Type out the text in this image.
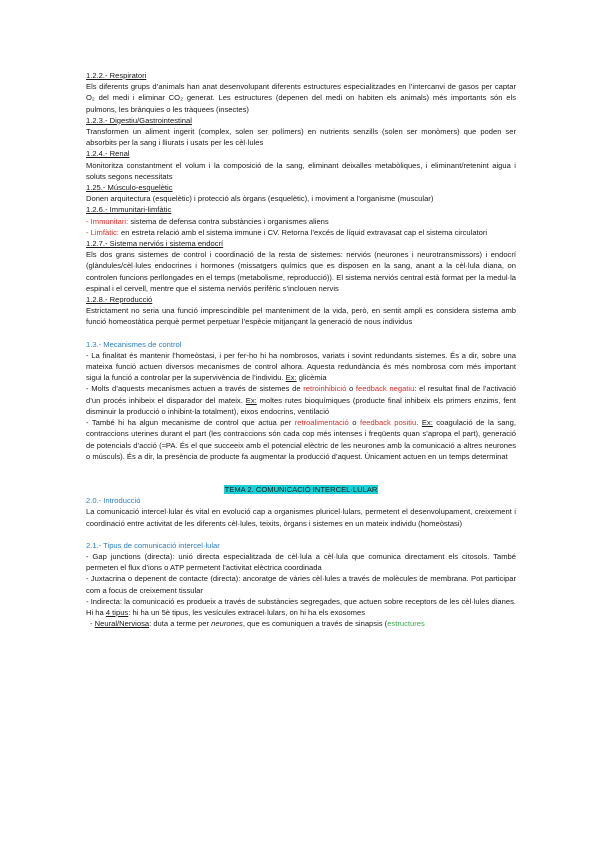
1.2.2.- Respiratori
Els diferents grups d’animals han anat desenvolupant diferents estructures especialitzades en l’intercanvi de gasos per captar O₂ del medi i eliminar CO₂ generat. Les estructures (depenen del medi on habiten els animals) més importants són els pulmons, les brànquies o les tràquees (insectes)
1.2.3.- Digestiu/Gastrointestinal
Transformen un aliment ingerit (complex, solen ser polímers) en nutrients senzills (solen ser monòmers) que poden ser absorbits per la sang i lliurats i usats per les cèl·lules
1.2.4.- Renal
Monitoritza constantment el volum i la composició de la sang, eliminant deixalles metabòliques, i eliminant/retenint aigua i soluts segons necessitats
1.25.- Músculo-esquelètic
Donen arquitectura (esquelètic) i protecció als òrgans (esquelètic), i moviment a l’organisme (muscular)
1.2.6.- Immunitari-limfàtic
- Immunitari: sistema de defensa contra substàncies i organismes aliens
- Limfàtic: en estreta relació amb el sistema immune i CV. Retorna l’excés de líquid extravasat cap el sistema circulatori
1.2.7.- Sistema nerviós i sistema endocrí
Els dos grans sistemes de control i coordinació de la resta de sistemes: nerviós (neurones i neurotransmissors) i endocrí (glàndules/cèl·lules endocrines i hormones (missatgers químics que es disposen en la sang, anant a la cèl·lula diana, on controlen funcions perllongades en el temps (metabolisme, reproducció)). El sistema nerviós central està format per la medul·la espinal i el cervell, mentre que el sistema nerviós perifèric s’inclouen nervis
1.2.8.- Reproducció
Estrictament no seria una funció imprescindible pel manteniment de la vida, però, en sentit ampli es considera sistema amb funció homeostàtica perquè permet perpetuar l’espècie mitjançant la generació de nous individus
1.3.- Mecanismes de control
- La finalitat és mantenir l’homeòstasi, i per fer-ho hi ha nombrosos, variats i sovint redundants sistemes. És a dir, sobre una mateixa funció actuen diversos mecanismes de control alhora. Aquesta redundància és més nombrosa com més important sigui la funció a controlar per la supervivència de l’individu. Ex: glicèmia
- Molts d’aquests mecanismes actuen a través de sistemes de retroinhibició o feedback negatiu: el resultat final de l’activació d’un procés inhibeix el disparador del mateix. Ex: moltes rutes bioquímiques (producte final inhibeix els primers enzims, fent disminuir la producció o inhibint-la totalment), eixos endocrins, ventilació
- També hi ha algun mecanisme de control que actua per retroalimentació o feedback positiu. Ex: coagulació de la sang, contraccions uterines durant el part (les contraccions són cada cop més intenses i freqüents quan s’apropa el part), generació de potencials d’acció (≈PA. És el que succeeix amb el potencial elèctric de les neurones amb la comunicació a altres neurones o músculs). És a dir, la presència de producte fa augmentar la producció d’aquest. Únicament actuen en un temps determinat
TEMA 2. COMUNICACIÓ INTERCEL·LULAR
2.0.- Introducció
La comunicació intercel·lular és vital en evolució cap a organismes pluricel·lulars, permetent el desenvolupament, creixement i coordinació entre activitat de les diferents cèl·lules, teixits, òrgans i sistemes en un mateix individu (homeòstasi)
2.1.- Tipus de comunicació intercel·lular
- Gap junctions (directa): unió directa especialitzada de cèl·lula a cèl·lula que comunica directament els citosols. També permeten el flux d’ions o ATP permetent l’activitat elèctrica coordinada
- Juxtacrina o depenent de contacte (directa): ancoratge de vàries cèl·lules a través de molècules de membrana. Pot participar com a focus de creixement tissular
- Indirecta: la comunicació es produeix a través de substàncies segregades, que actuen sobre receptors de les cèl·lules dianes. Hi ha 4 tipus: hi ha un 5è tipus, les vesícules extracel·lulars, on hi ha els exosomes
- Neural/Nerviosa: duta a terme per neurones, que es comuniquen a través de sinapsis (estructures
